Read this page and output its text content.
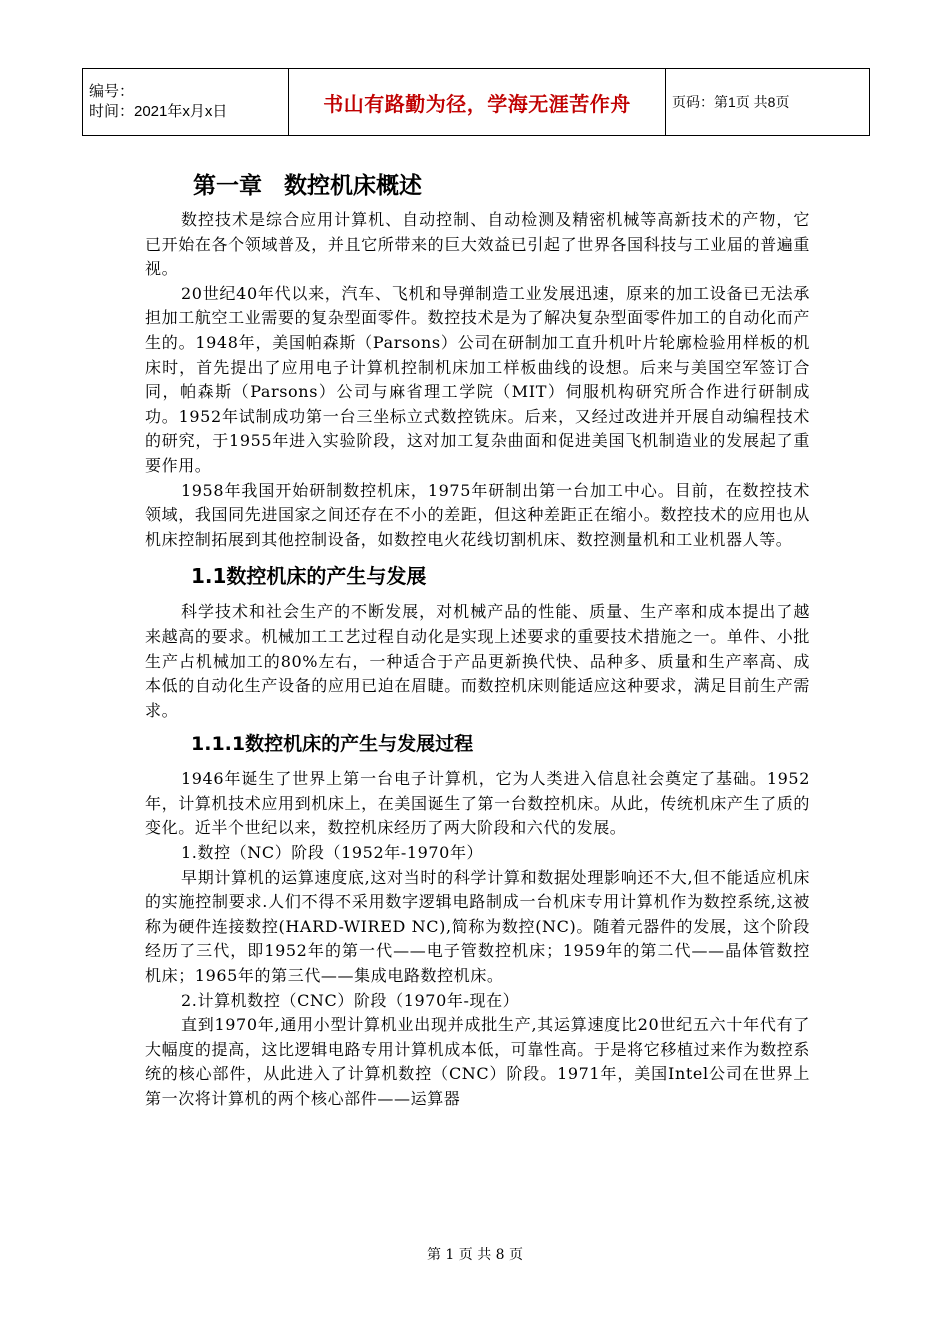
编号：
时间：2021年x月x日	书山有路勤为径，学海无涯苦作舟	页码：第1页 共8页
第一章 数控机床概述

数控技术是综合应用计算机、自动控制、自动检测及精密机械等高新技术的产物，它已开始在各个领域普及，并且它所带来的巨大效益已引起了世界各国科技与工业届的普遍重视。

20世纪40年代以来，汽车、飞机和导弹制造工业发展迅速，原来的加工设备已无法承担加工航空工业需要的复杂型面零件。数控技术是为了解决复杂型面零件加工的自动化而产生的。1948年，美国帕森斯（Parsons）公司在研制加工直升机叶片轮廓检验用样板的机床时，首先提出了应用电子计算机控制机床加工样板曲线的设想。后来与美国空军签订合同，帕森斯（Parsons）公司与麻省理工学院（MIT）伺服机构研究所合作进行研制成功。1952年试制成功第一台三坐标立式数控铣床。后来，又经过改进并开展自动编程技术的研究，于1955年进入实验阶段，这对加工复杂曲面和促进美国飞机制造业的发展起了重要作用。

1958年我国开始研制数控机床，1975年研制出第一台加工中心。目前，在数控技术领域，我国同先进国家之间还存在不小的差距，但这种差距正在缩小。数控技术的应用也从机床控制拓展到其他控制设备，如数控电火花线切割机床、数控测量机和工业机器人等。

1.1数控机床的产生与发展

科学技术和社会生产的不断发展，对机械产品的性能、质量、生产率和成本提出了越来越高的要求。机械加工工艺过程自动化是实现上述要求的重要技术措施之一。单件、小批生产占机械加工的80%左右，一种适合于产品更新换代快、品种多、质量和生产率高、成本低的自动化生产设备的应用已迫在眉睫。而数控机床则能适应这种要求，满足目前生产需求。

1.1.1数控机床的产生与发展过程

1946年诞生了世界上第一台电子计算机，它为人类进入信息社会奠定了基础。1952年，计算机技术应用到机床上，在美国诞生了第一台数控机床。从此，传统机床产生了质的变化。近半个世纪以来，数控机床经历了两大阶段和六代的发展。

1.数控（NC）阶段（1952年-1970年）

早期计算机的运算速度底,这对当时的科学计算和数据处理影响还不大,但不能适应机床的实施控制要求.人们不得不采用数字逻辑电路制成一台机床专用计算机作为数控系统,这被称为硬件连接数控(HARD-WIRED NC),简称为数控(NC)。随着元器件的发展，这个阶段经历了三代，即1952年的第一代——电子管数控机床；1959年的第二代——晶体管数控机床；1965年的第三代——集成电路数控机床。

2.计算机数控（CNC）阶段（1970年-现在）

直到1970年,通用小型计算机业出现并成批生产,其运算速度比20世纪五六十年代有了大幅度的提高，这比逻辑电路专用计算机成本低，可靠性高。于是将它移植过来作为数控系统的核心部件，从此进入了计算机数控（CNC）阶段。1971年，美国Intel公司在世界上第一次将计算机的两个核心部件——运算器

第 1 页 共 8 页
